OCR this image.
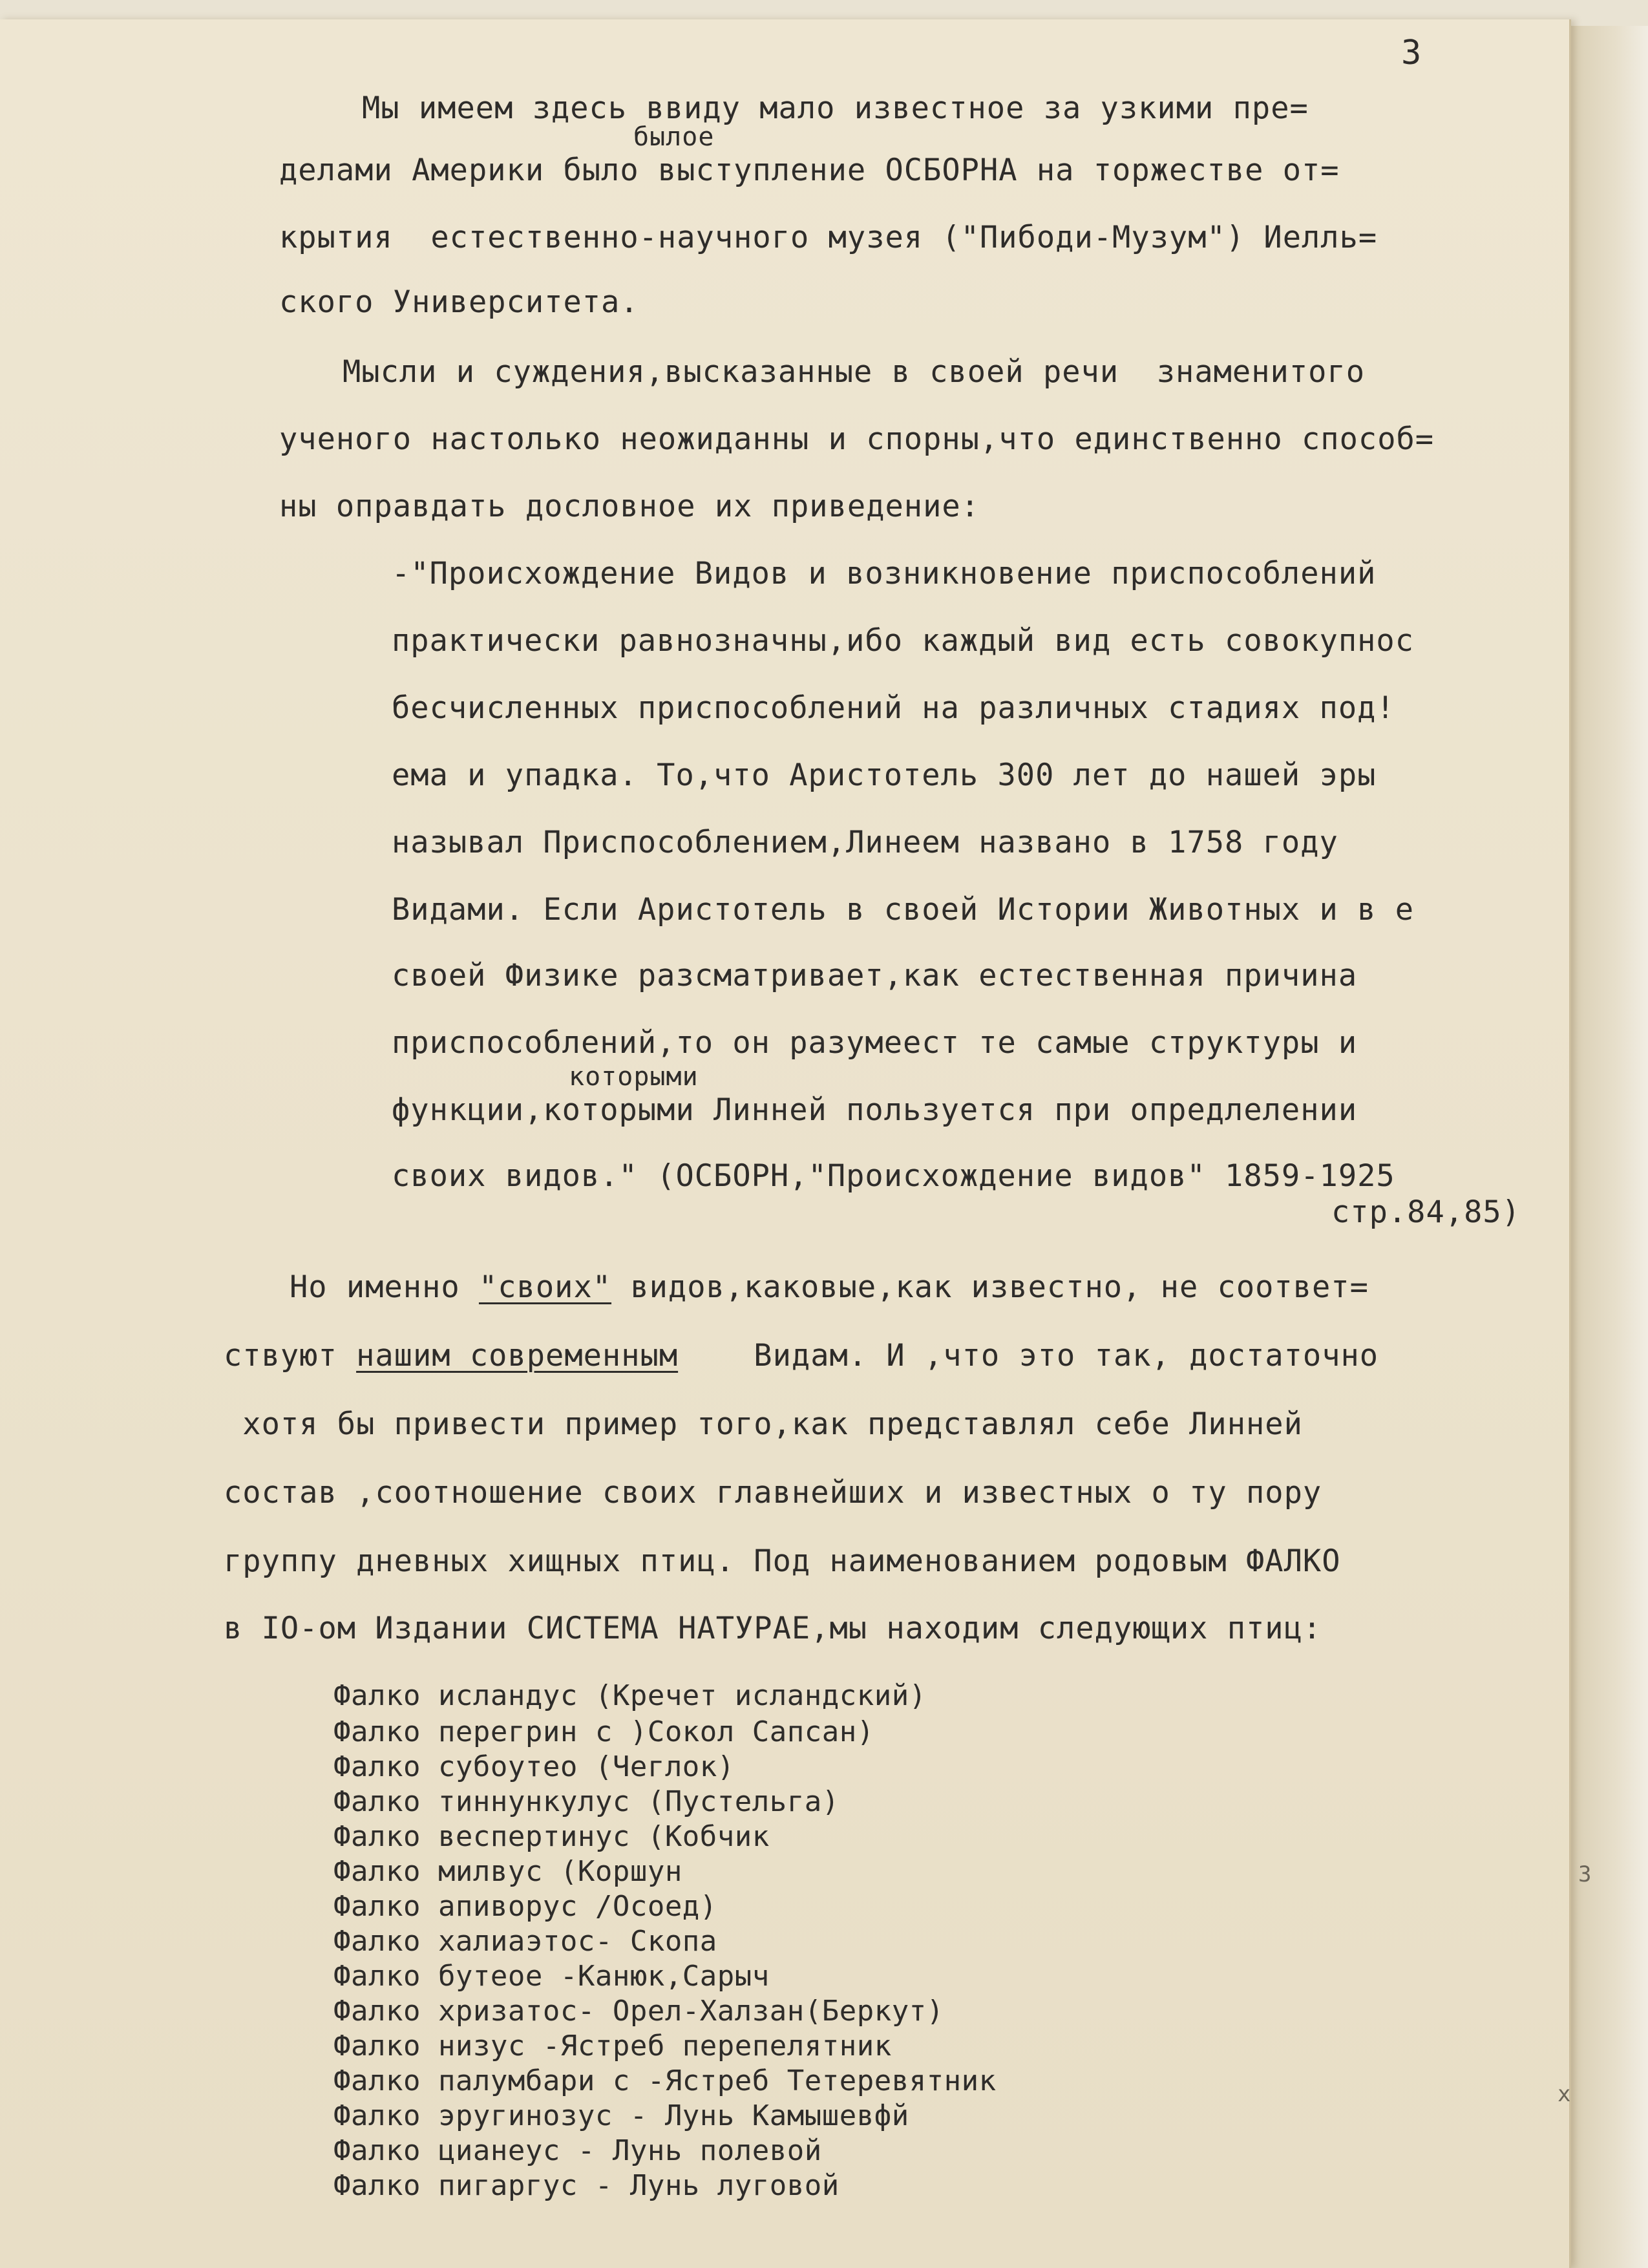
3
былое
Мы имеем здесь ввиду мало известное за узкими пре=
делами Америки было выступление ОСБОРНА на торжестве от=
крытия  естественно-научного музея ("Пибоди-Музум") Иелль=
ского Университета.
Мысли и суждения,высказанные в своей речи  знаменитого
ученого настолько неожиданны и спорны,что единственно способ=
ны оправдать дословное их приведение:
-"Происхождение Видов и возникновение приспособлений
практически равнозначны,ибо каждый вид есть совокупнос
бесчисленных приспособлений на различных стадиях под!
ема и упадка. То,что Аристотель 300 лет до нашей эры
называл Приспособлением,Линеем названо в 1758 году
Видами. Если Аристотель в своей Истории Животных и в е
своей Физике разсматривает,как естественная причина
приспособлений,то он разумеест те самые структуры и
которыми
функции,которыми Линней пользуется при опредлелении
своих видов." (ОСБОРН,"Происхождение видов" 1859-1925
стр.84,85)
Но именно "своих" видов,каковые,как известно, не соответ=
ствуют нашим современным    Видам. И ,что это так, достаточно
хотя бы привести пример того,как представлял себе Линней
состав ,соотношение своих главнейших и известных о ту пору
группу дневных хищных птиц. Под наименованием родовым ФАЛКО
в IO-ом Издании СИСТЕМА НАТУРАЕ,мы находим следующих птиц:
Фалко исландус (Кречет исландский)
Фалко перегрин с )Сокол Сапсан)
Фалко субоутео (Чеглок)
Фалко тиннункулус (Пустельга)
Фалко веспертинус (Кобчик
Фалко милвус (Коршун
Фалко апиворус /Осоед)
Фалко халиаэтос- Скопа
Фалко бутеое -Канюк,Сарыч
Фалко хризатос- Орел-Халзан(Беркут)
Фалко низус -Ястреб перепелятник
Фалко палумбари с -Ястреб Тетеревятник
Фалко эругинозус - Лунь Камышевфй
Фалко цианеус - Лунь полевой
Фалко пигаргус - Лунь луговой
3
x
